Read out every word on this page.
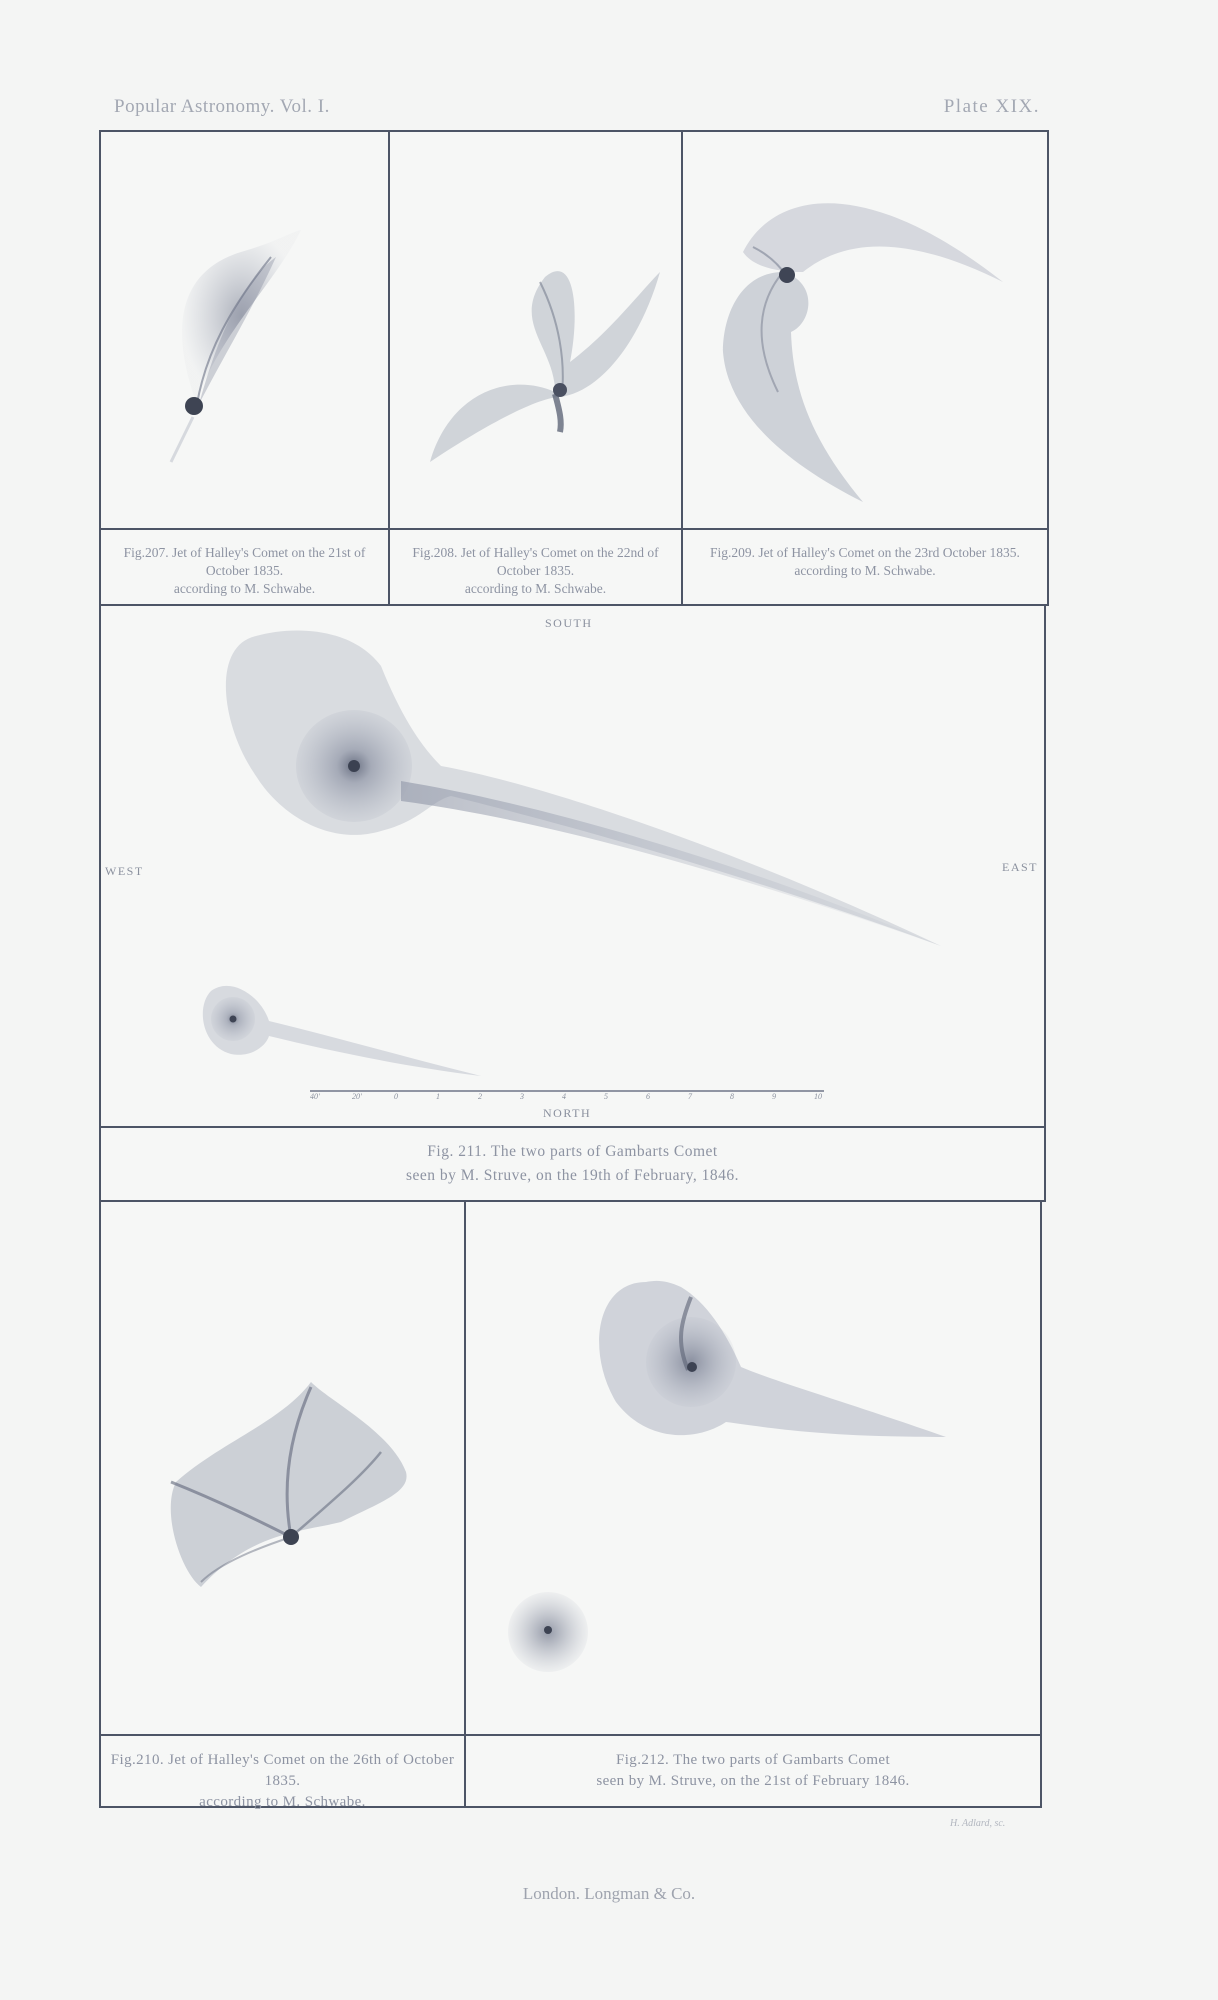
Popular Astronomy. Vol. I.	Plate XIX.
Fig.207. Jet of Halley's Comet on the 21st of October 1835.
according to M. Schwabe.
Fig.208. Jet of Halley's Comet on the 22nd of October 1835.
according to M. Schwabe.
Fig.209. Jet of Halley's Comet on the 23rd October 1835.
according to M. Schwabe.
SOUTH
WEST	EAST
NORTH
40'	20'	0	1	2	3	4	5	6	7	8	9	10
Fig. 211. The two parts of Gambarts Comet
seen by M. Struve, on the 19th of February, 1846.
Fig.210. Jet of Halley's Comet on the 26th of October 1835.
according to M. Schwabe.
Fig.212. The two parts of Gambarts Comet
seen by M. Struve, on the 21st of February 1846.
H. Adlard, sc.
London. Longman & Co.
